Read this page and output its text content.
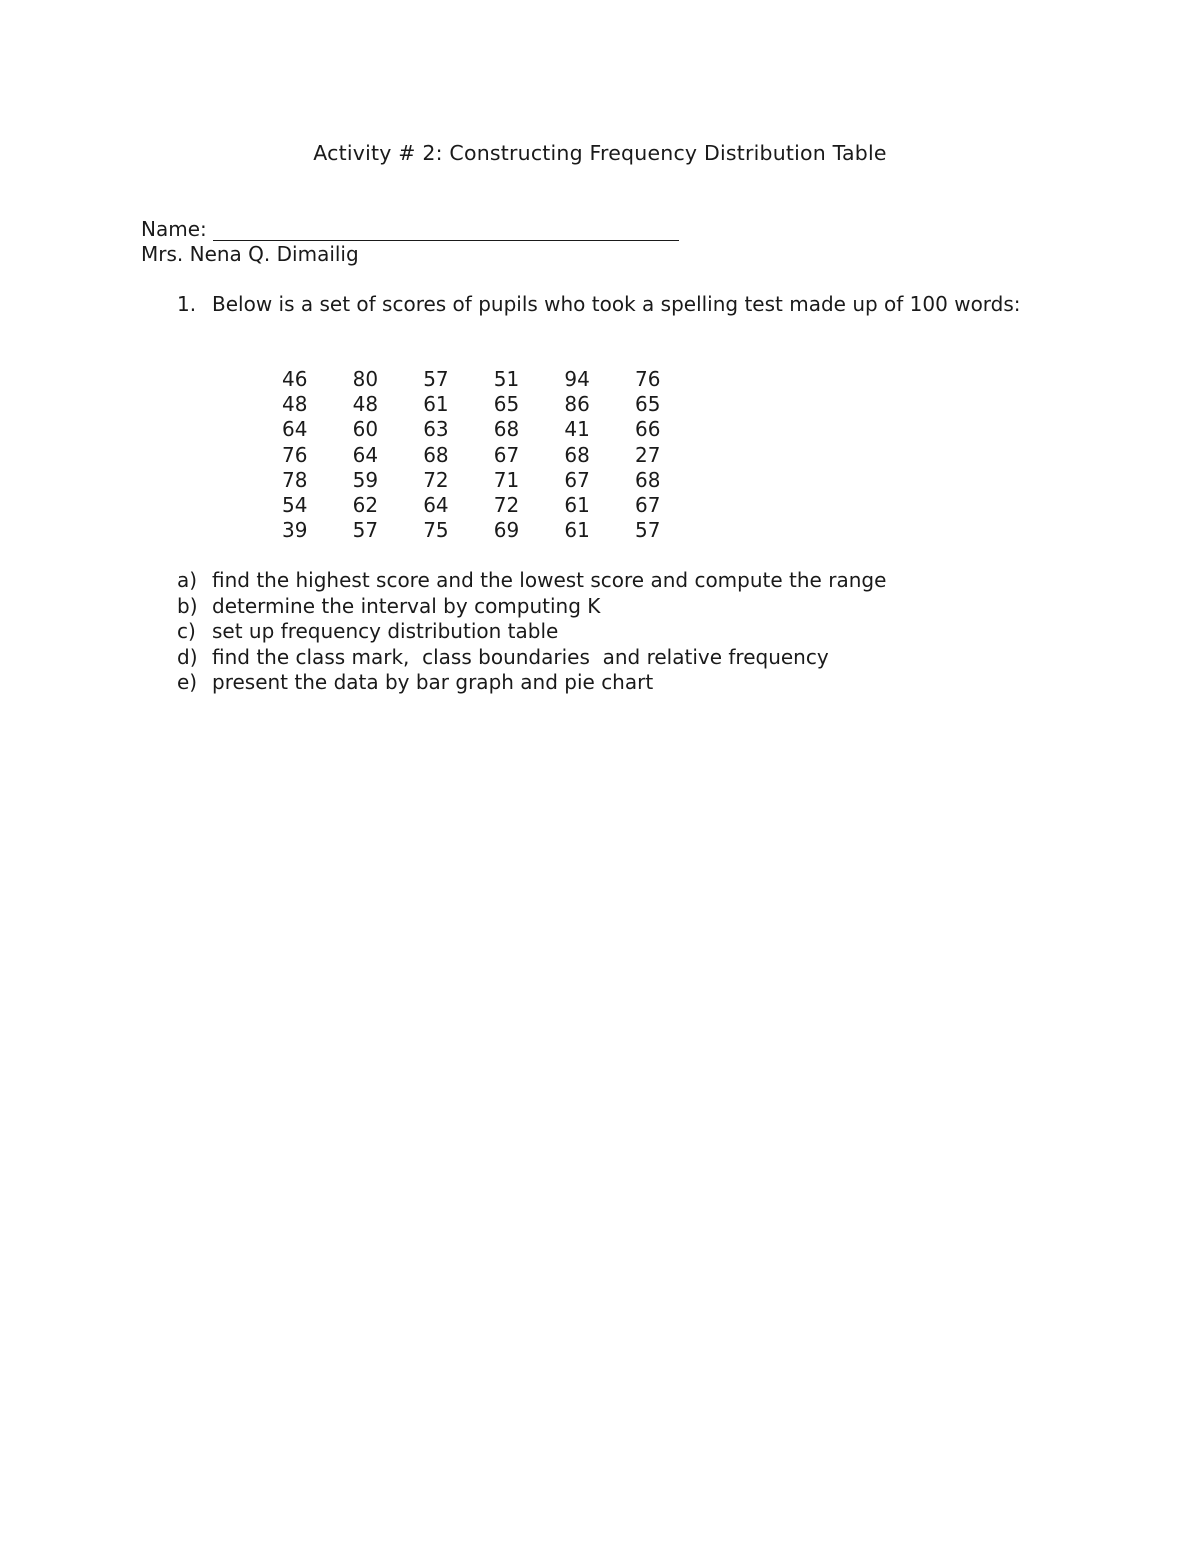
Activity # 2: Constructing Frequency Distribution Table
Name:
Mrs. Nena Q. Dimailig
1. Below is a set of scores of pupils who took a spelling test made up of 100 words:
46	80	57	51	94	76
48	48	61	65	86	65
64	60	63	68	41	66
76	64	68	67	68	27
78	59	72	71	67	68
54	62	64	72	61	67
39	57	75	69	61	57
a) find the highest score and the lowest score and compute the range
b) determine the interval by computing K
c) set up frequency distribution table
d) find the class mark,  class boundaries  and relative frequency
e) present the data by bar graph and pie chart
